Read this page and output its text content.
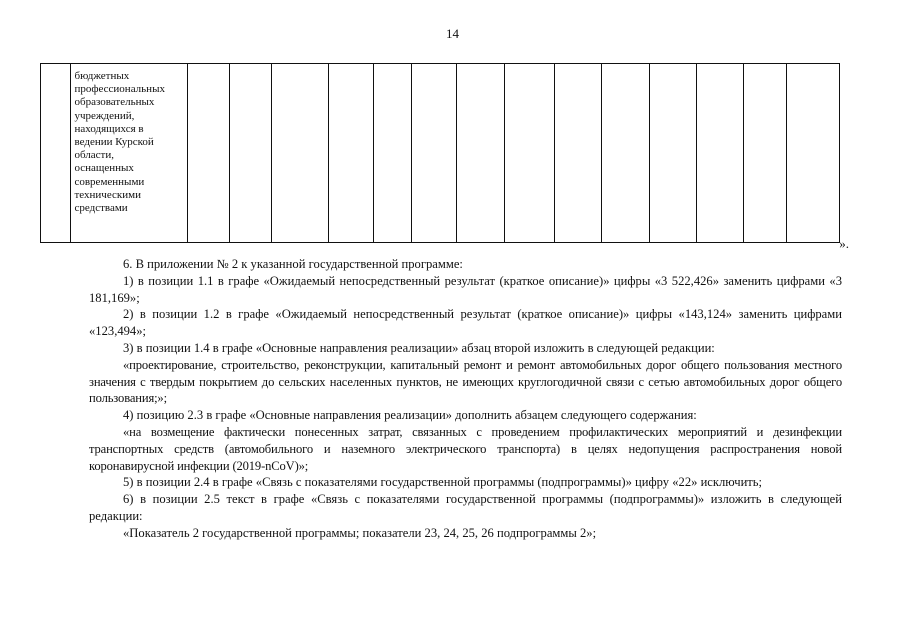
14

бюджетных
профессиональных
образовательных
учреждений,
находящихся в
ведении Курской
области,
оснащенных
современными
техническими
средствами

».

6. В приложении № 2 к указанной государственной программе:

1) в позиции 1.1 в графе «Ожидаемый непосредственный результат (краткое описание)» цифры «3 522,426» заменить цифрами «3 181,169»;

2) в позиции 1.2 в графе «Ожидаемый непосредственный результат (краткое описание)» цифры «143,124» заменить цифрами «123,494»;

3) в позиции 1.4 в графе «Основные направления реализации» абзац второй изложить в следующей редакции:

«проектирование, строительство, реконструкции, капитальный ремонт и ремонт автомобильных дорог общего пользования местного значения с твердым покрытием до сельских населенных пунктов, не имеющих круглогодичной связи с сетью автомобильных дорог общего пользования;»;

4) позицию 2.3 в графе «Основные направления реализации» дополнить абзацем следующего содержания:

«на возмещение фактически понесенных затрат, связанных с проведением профилактических мероприятий и дезинфекции транспортных средств (автомобильного и наземного электрического транспорта) в целях недопущения распространения новой коронавирусной инфекции (2019-nCoV)»;

5) в позиции 2.4 в графе «Связь с показателями государственной программы (подпрограммы)» цифру «22» исключить;

6) в позиции 2.5 текст в графе «Связь с показателями государственной программы (подпрограммы)» изложить в следующей редакции:

«Показатель 2 государственной программы; показатели 23, 24, 25, 26 подпрограммы 2»;
